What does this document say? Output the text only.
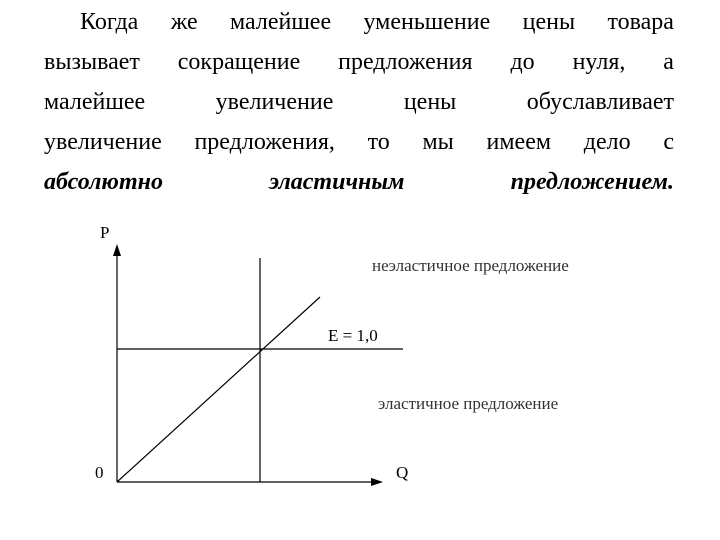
Когда же малейшее уменьшение цены товара
вызывает сокращение предложения до нуля, а
малейшее	увеличение	цены	обуславливает
увеличение предложения, то мы имеем дело с
абсолютно	эластичным	предложением.
P
Q
0
неэластичное предложение
E = 1,0
эластичное предложение
